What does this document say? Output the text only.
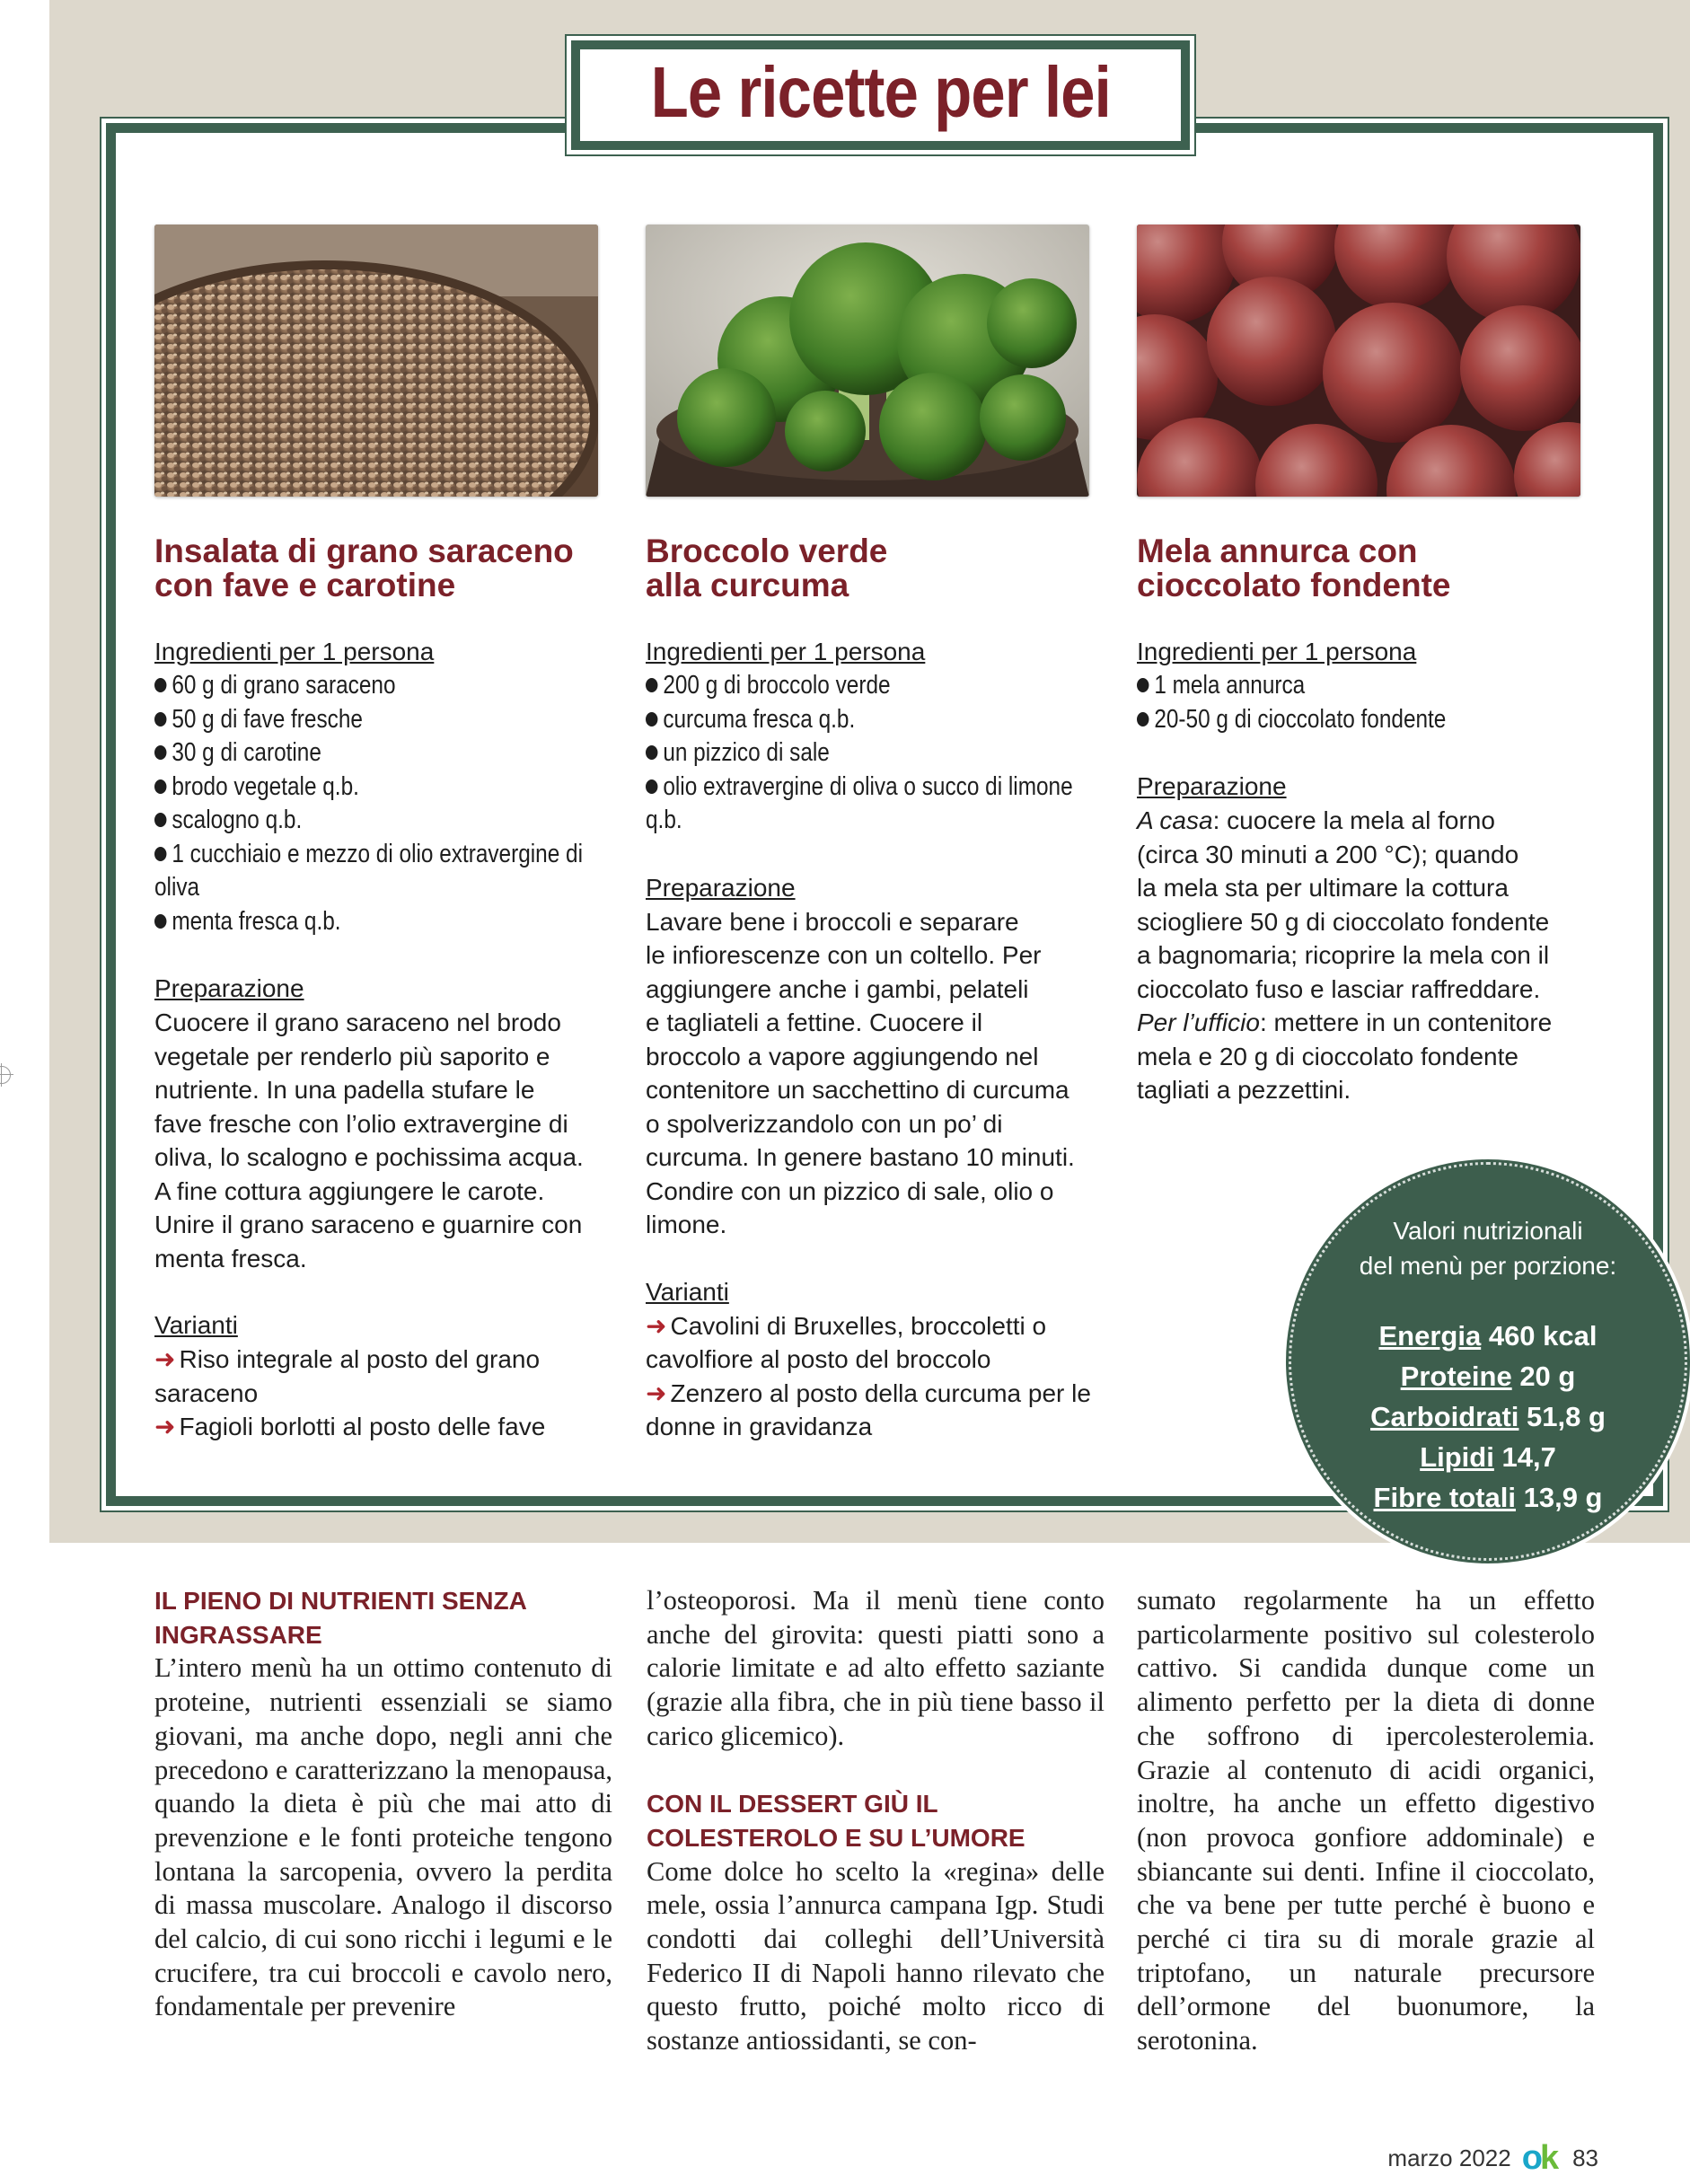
Le ricette per lei
Insalata di grano saraceno
con fave e carotine
Ingredienti per 1 persona
60 g di grano saraceno
50 g di fave fresche
30 g di carotine
brodo vegetale q.b.
scalogno q.b.
1 cucchiaio e mezzo di olio extravergine di oliva
menta fresca q.b.
Preparazione
Cuocere il grano saraceno nel brodo
vegetale per renderlo più saporito e
nutriente. In una padella stufare le
fave fresche con l’olio extravergine di
oliva, lo scalogno e pochissima acqua.
A fine cottura aggiungere le carote.
Unire il grano saraceno e guarnire con
menta fresca.
Varianti
➜ Riso integrale al posto del grano saraceno
➜ Fagioli borlotti al posto delle fave
Broccolo verde
alla curcuma
Ingredienti per 1 persona
200 g di broccolo verde
curcuma fresca q.b.
un pizzico di sale
olio extravergine di oliva o succo di limone q.b.
Preparazione
Lavare bene i broccoli e separare
le infiorescenze con un coltello. Per
aggiungere anche i gambi, pelateli
e tagliateli a fettine. Cuocere il
broccolo a vapore aggiungendo nel
contenitore un sacchettino di curcuma
o spolverizzandolo con un po’ di
curcuma. In genere bastano 10 minuti.
Condire con un pizzico di sale, olio o
limone.
Varianti
➜ Cavolini di Bruxelles, broccoletti o cavolfiore al posto del broccolo
➜ Zenzero al posto della curcuma per le donne in gravidanza
Mela annurca con
cioccolato fondente
Ingredienti per 1 persona
1 mela annurca
20-50 g di cioccolato fondente
Preparazione
A casa: cuocere la mela al forno
(circa 30 minuti a 200 °C); quando
la mela sta per ultimare la cottura
sciogliere 50 g di cioccolato fondente
a bagnomaria; ricoprire la mela con il
cioccolato fuso e lasciar raffreddare.
Per l’ufficio: mettere in un contenitore
mela e 20 g di cioccolato fondente
tagliati a pezzettini.
Valori nutrizionali
del menù per porzione:
Energia 460 kcal
Proteine 20 g
Carboidrati 51,8 g
Lipidi 14,7
Fibre totali 13,9 g
IL PIENO DI NUTRIENTI SENZA
INGRASSARE

L’intero menù ha un ottimo contenuto di proteine, nutrienti essenziali se siamo giovani, ma anche dopo, negli anni che precedono e caratterizzano la menopausa, quando la dieta è più che mai atto di prevenzione e le fonti proteiche tengono lontana la sarcopenia, ovvero la perdita di massa muscolare. Analogo il discorso del calcio, di cui sono ricchi i legumi e le crucifere, tra cui broccoli e cavolo nero, fondamentale per prevenire

l’osteoporosi. Ma il menù tiene conto anche del girovita: questi piatti sono a calorie limitate e ad alto effetto saziante (grazie alla fibra, che in più tiene basso il carico glicemico).

CON IL DESSERT GIÙ IL
COLESTEROLO E SU L’UMORE

Come dolce ho scelto la «regina» delle mele, ossia l’annurca campana Igp. Studi condotti dai colleghi dell’Università Federico II di Napoli hanno rilevato che questo frutto, poiché molto ricco di sostanze antiossidanti, se con-

sumato regolarmente ha un effetto particolarmente positivo sul colesterolo cattivo. Si candida dunque come un alimento perfetto per la dieta di donne che soffrono di ipercolesterolemia. Grazie al contenuto di acidi organici, inoltre, ha anche un effetto digestivo (non provoca gonfiore addominale) e sbiancante sui denti. Infine il cioccolato, che va bene per tutte perché è buono e perché ci tira su di morale grazie al triptofano, un naturale precursore dell’ormone del buonumore, la serotonina.

marzo 2022 ok 83
